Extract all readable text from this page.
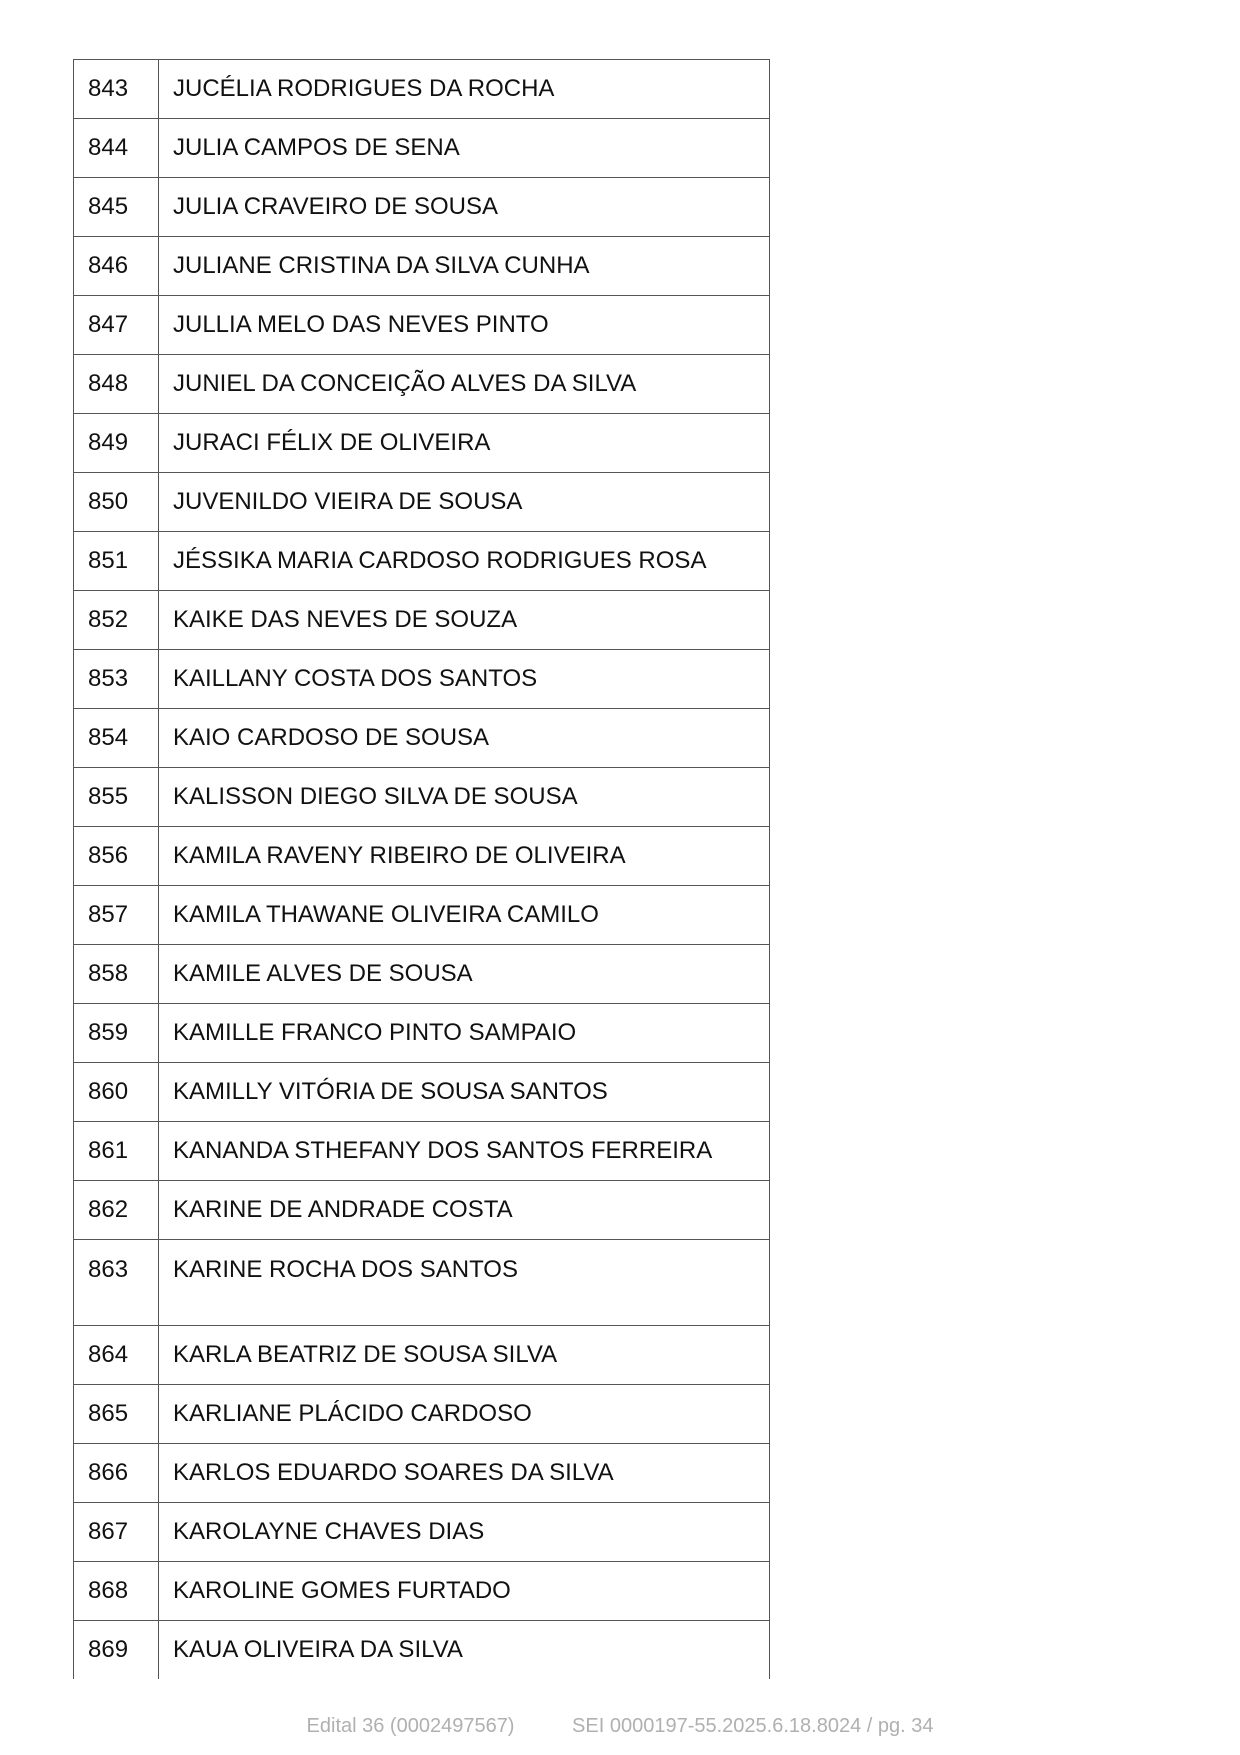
843	JUCÉLIA RODRIGUES DA ROCHA
844	JULIA CAMPOS DE SENA
845	JULIA CRAVEIRO DE SOUSA
846	JULIANE CRISTINA DA SILVA CUNHA
847	JULLIA MELO DAS NEVES PINTO
848	JUNIEL DA CONCEIÇÃO ALVES DA SILVA
849	JURACI FÉLIX DE OLIVEIRA
850	JUVENILDO VIEIRA DE SOUSA
851	JÉSSIKA MARIA CARDOSO RODRIGUES ROSA
852	KAIKE DAS NEVES DE SOUZA
853	KAILLANY COSTA DOS SANTOS
854	KAIO CARDOSO DE SOUSA
855	KALISSON DIEGO SILVA DE SOUSA
856	KAMILA RAVENY RIBEIRO DE OLIVEIRA
857	KAMILA THAWANE OLIVEIRA CAMILO
858	KAMILE ALVES DE SOUSA
859	KAMILLE FRANCO PINTO SAMPAIO
860	KAMILLY VITÓRIA DE SOUSA SANTOS
861	KANANDA STHEFANY DOS SANTOS FERREIRA
862	KARINE DE ANDRADE COSTA
863	KARINE ROCHA DOS SANTOS
864	KARLA BEATRIZ DE SOUSA SILVA
865	KARLIANE PLÁCIDO CARDOSO
866	KARLOS EDUARDO SOARES DA SILVA
867	KAROLAYNE CHAVES DIAS
868	KAROLINE GOMES FURTADO
869	KAUA OLIVEIRA DA SILVA
Edital 36 (0002497567)	SEI 0000197-55.2025.6.18.8024 / pg. 34
